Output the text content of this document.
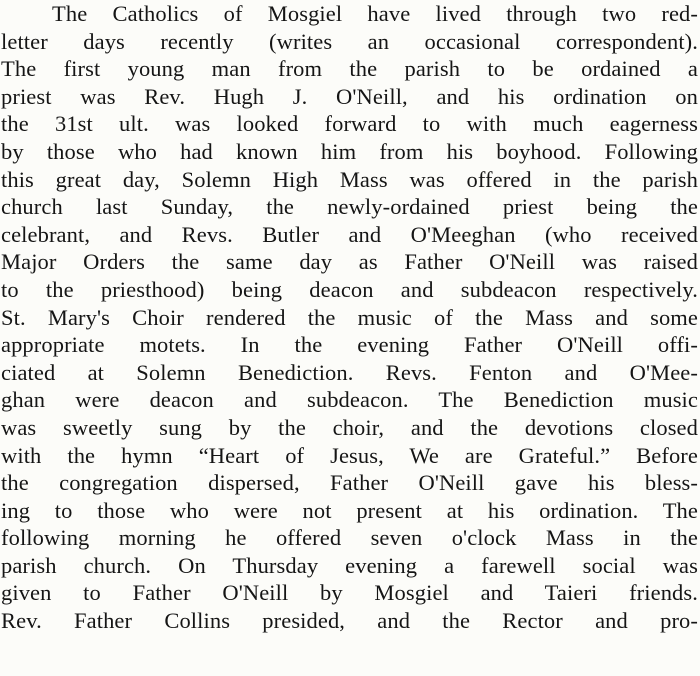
The Catholics of Mosgiel have lived through two red-
letter days recently (writes an occasional correspondent).
The first young man from the parish to be ordained a
priest was Rev. Hugh J. O'Neill, and his ordination on
the 31st ult. was looked forward to with much eagerness
by those who had known him from his boyhood. Following
this great day, Solemn High Mass was offered in the parish
church last Sunday, the newly-ordained priest being the
celebrant, and Revs. Butler and O'Meeghan (who received
Major Orders the same day as Father O'Neill was raised
to the priesthood) being deacon and subdeacon respectively.
St. Mary's Choir rendered the music of the Mass and some
appropriate motets. In the evening Father O'Neill offi-
ciated at Solemn Benediction. Revs. Fenton and O'Mee-
ghan were deacon and subdeacon. The Benediction music
was sweetly sung by the choir, and the devotions closed
with the hymn “Heart of Jesus, We are Grateful.” Before
the congregation dispersed, Father O'Neill gave his bless-
ing to those who were not present at his ordination. The
following morning he offered seven o'clock Mass in the
parish church. On Thursday evening a farewell social was
given to Father O'Neill by Mosgiel and Taieri friends.
Rev. Father Collins presided, and the Rector and pro-
